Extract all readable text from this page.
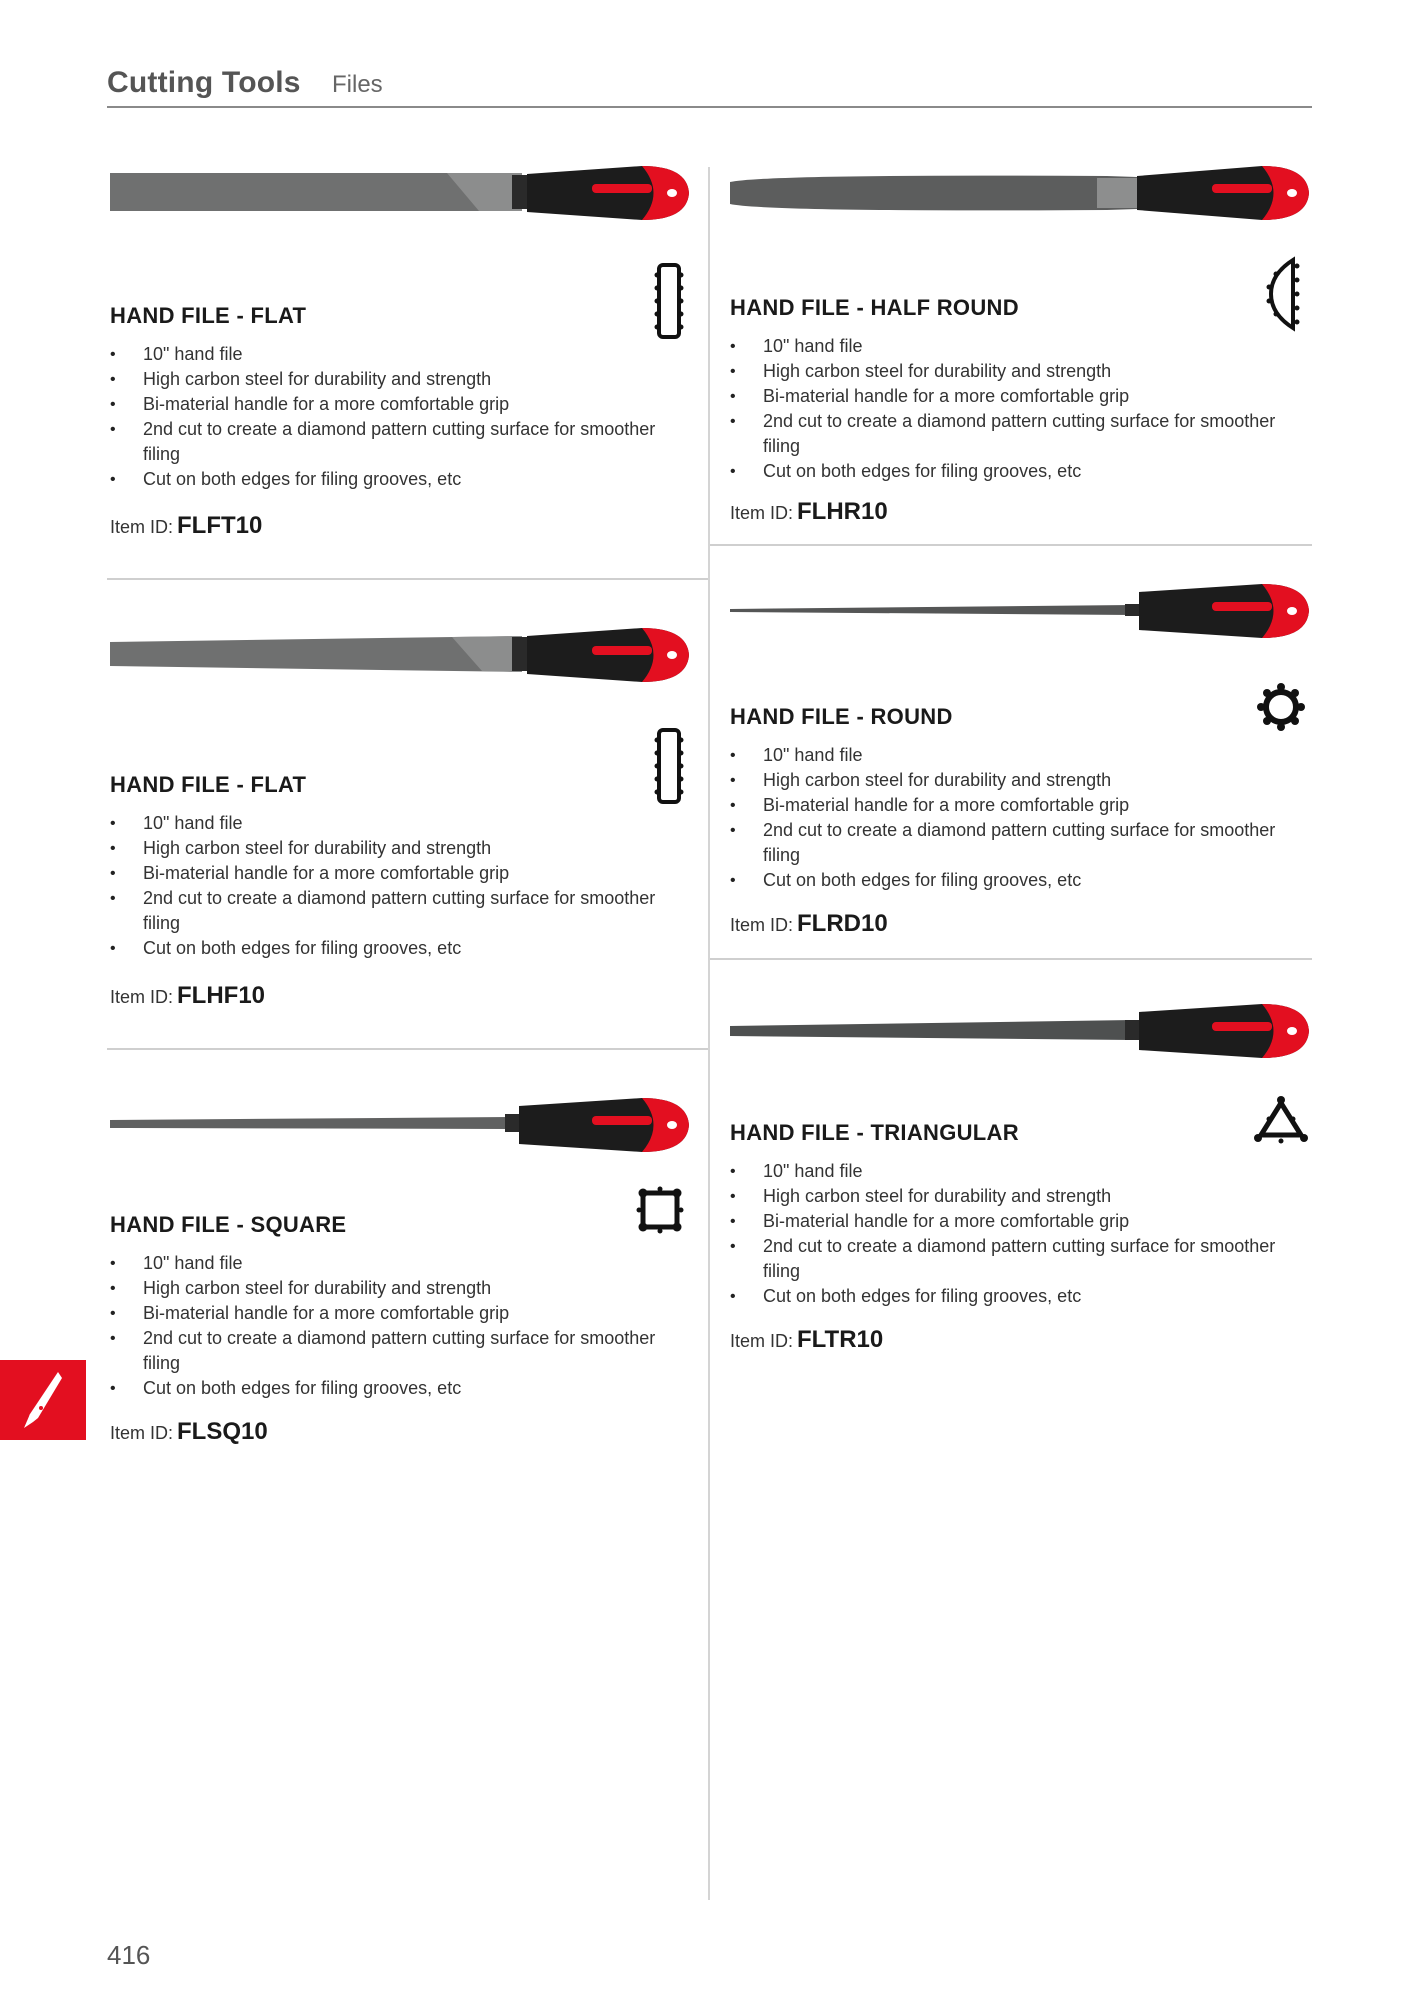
Cutting Tools Files
HAND FILE - FLAT
• 10" hand file
• High carbon steel for durability and strength
• Bi-material handle for a more comfortable grip
• 2nd cut to create a diamond pattern cutting surface for smoother filing
• Cut on both edges for filing grooves, etc
Item ID: FLFT10
HAND FILE - FLAT
• 10" hand file
• High carbon steel for durability and strength
• Bi-material handle for a more comfortable grip
• 2nd cut to create a diamond pattern cutting surface for smoother filing
• Cut on both edges for filing grooves, etc
Item ID: FLHF10
HAND FILE - SQUARE
• 10" hand file
• High carbon steel for durability and strength
• Bi-material handle for a more comfortable grip
• 2nd cut to create a diamond pattern cutting surface for smoother filing
• Cut on both edges for filing grooves, etc
Item ID: FLSQ10
HAND FILE - HALF ROUND
• 10" hand file
• High carbon steel for durability and strength
• Bi-material handle for a more comfortable grip
• 2nd cut to create a diamond pattern cutting surface for smoother filing
• Cut on both edges for filing grooves, etc
Item ID: FLHR10
HAND FILE - ROUND
• 10" hand file
• High carbon steel for durability and strength
• Bi-material handle for a more comfortable grip
• 2nd cut to create a diamond pattern cutting surface for smoother filing
• Cut on both edges for filing grooves, etc
Item ID: FLRD10
HAND FILE - TRIANGULAR
• 10" hand file
• High carbon steel for durability and strength
• Bi-material handle for a more comfortable grip
• 2nd cut to create a diamond pattern cutting surface for smoother filing
• Cut on both edges for filing grooves, etc
Item ID: FLTR10
416
